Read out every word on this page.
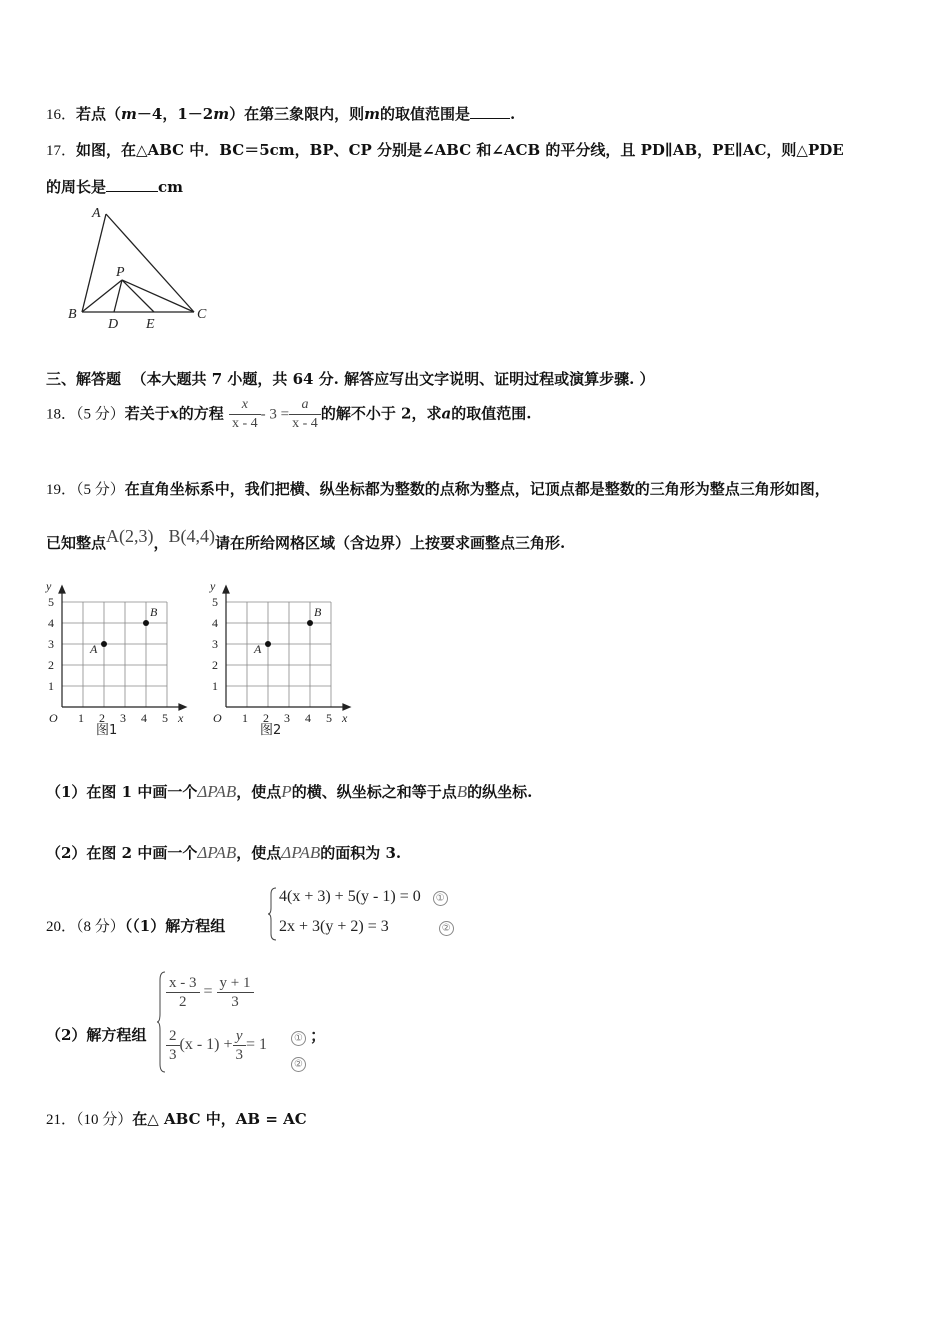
16．若点（m－4，1－2m）在第三象限内，则m的取值范围是	.
17．如图，在△ABC 中．BC＝5cm，BP、CP 分别是∠ABC 和∠ACB 的平分线，且 PD∥AB，PE∥AC，则△PDE
的周长是	cm
A
P
B	C
D E
三、解答题 （本大题共 7 小题，共 64 分. 解答应写出文字说明、证明过程或演算步骤. ）
18．（5 分）若关于x的方程 $\frac{x}{x - 4} - 3 = \frac{a}{x - 4}$ 的解不小于 2，求a的取值范围.
19．（5 分）在直角坐标系中，我们把横、纵坐标都为整数的点称为整点，记顶点都是整数的三角形为整点三角形如图，
已知整点A(2,3)，B(4,4)请在所给网格区域（含边界）上按要求画整点三角形.
1 2 3 4 5
1
2
3
4
5
O	x
y
A
B
图1
1 2 3 4 5
1
2
3
4
5
O	x
y
A
B
图2
（1）在图 1 中画一个ΔPAB，使点P的横、纵坐标之和等于点B的纵坐标.
（2）在图 2 中画一个ΔPAB，使点ΔPAB的面积为 3.
20．（8 分）（（1）解方程组
4(x + 3) + 5(y - 1) = 0 ①
2x + 3(y + 2) = 3	②
（2）解方程组
$\frac{x - 3}{2} = \frac{y + 1}{3}$
$\frac{2}{3} (x - 1) + \frac{y}{3} = 1$	① ；
②
21．（10 分）在△ ABC 中，AB = AC
